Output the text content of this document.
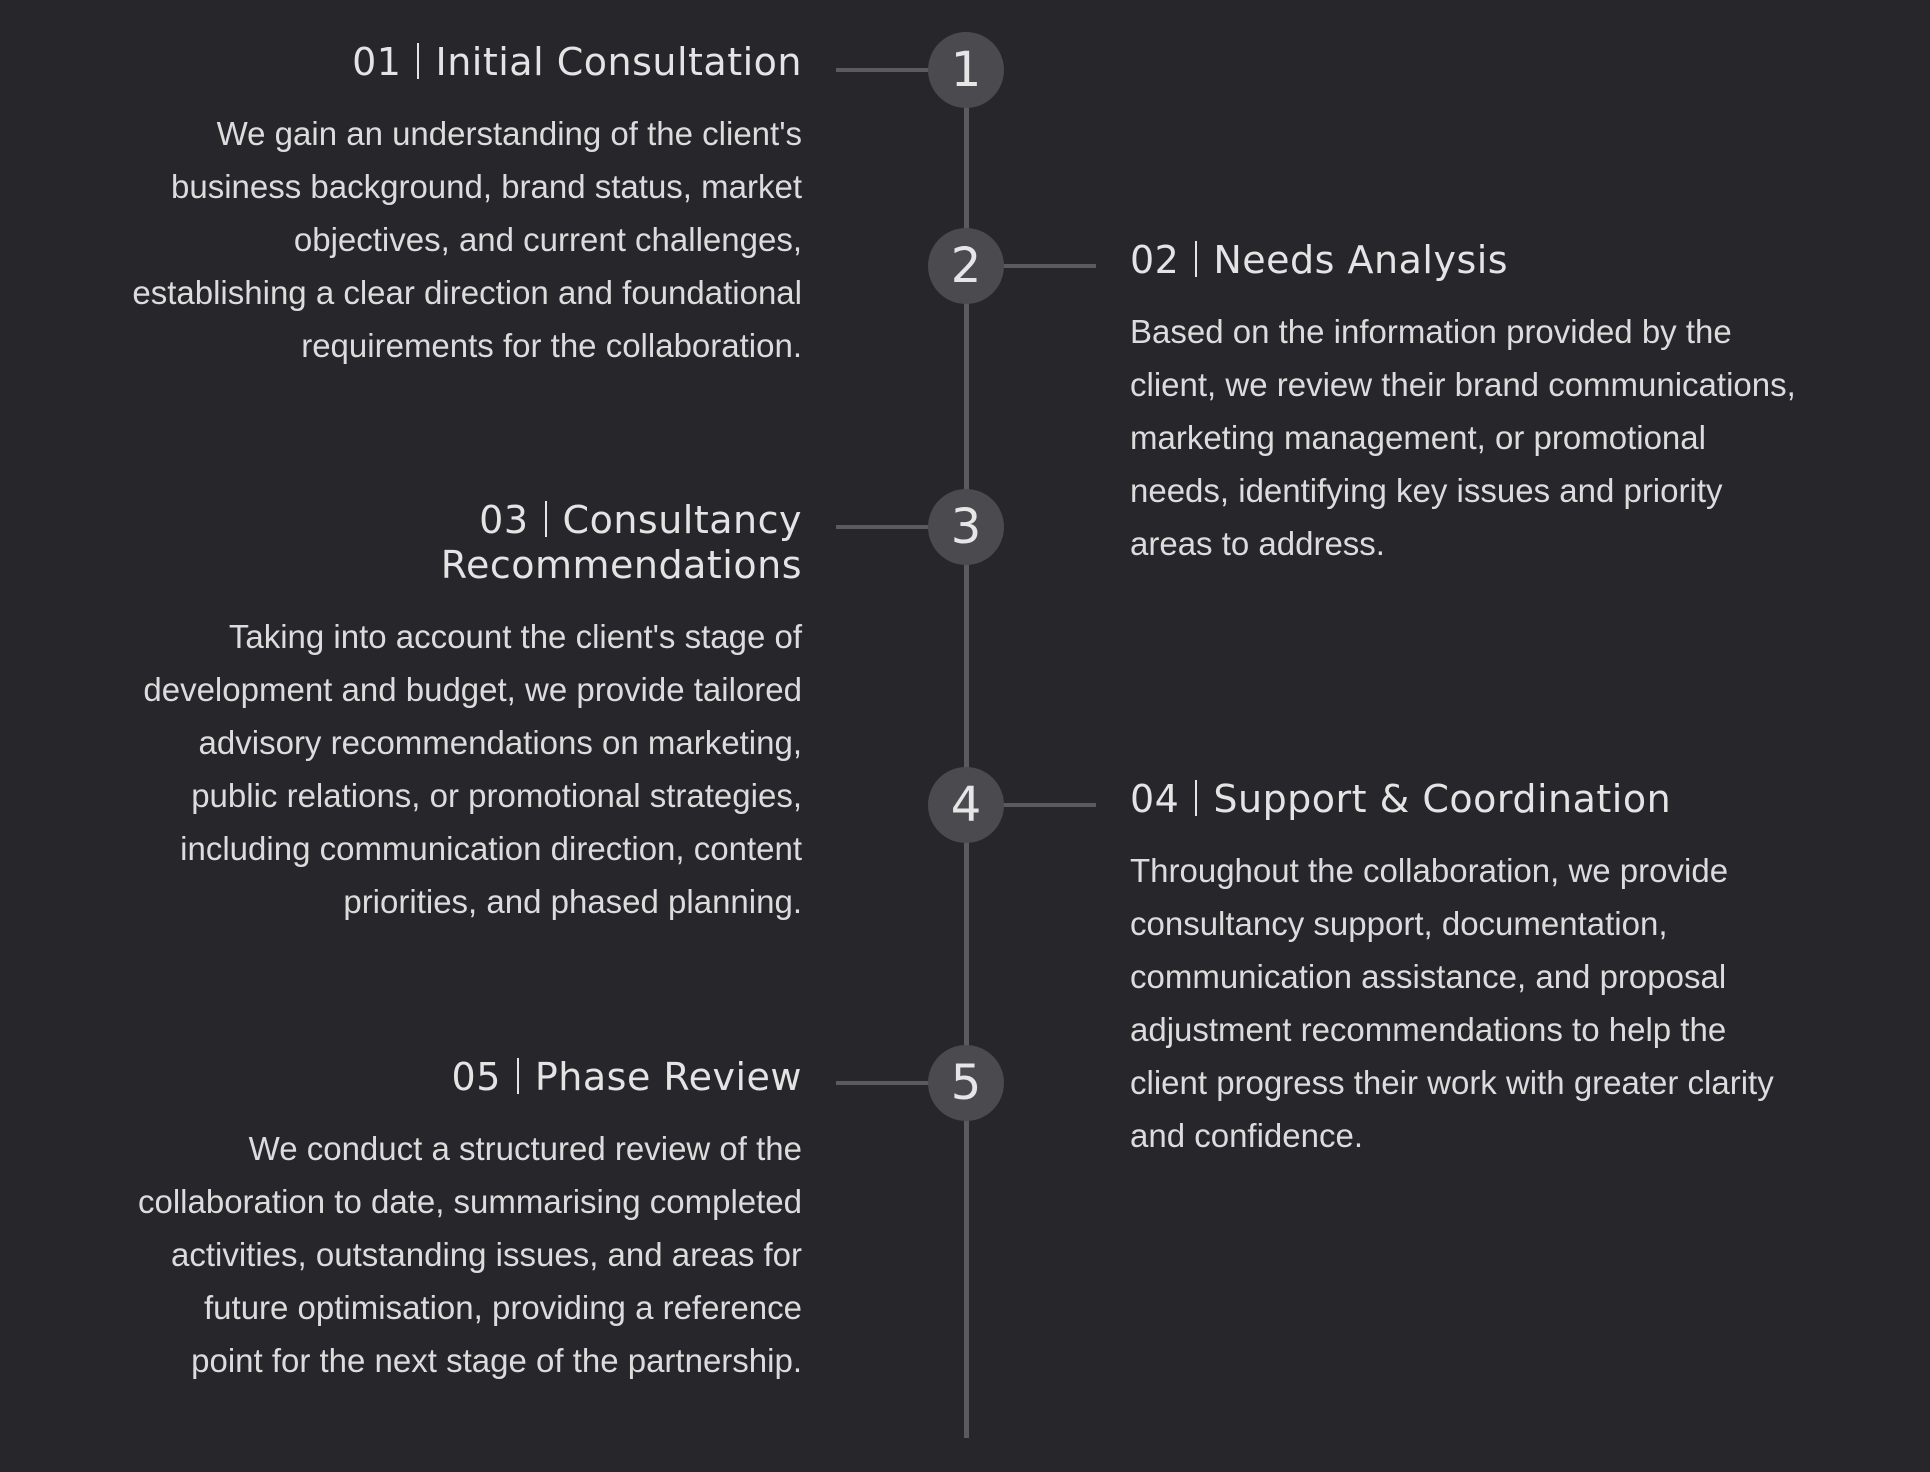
1
01 Initial Consultation

We gain an understanding of the client's business background, brand status, market objectives, and current challenges, establishing a clear direction and foundational requirements for the collaboration.

2	02 Needs Analysis

Based on the information provided by the client, we review their brand communications, marketing management, or promotional needs, identifying key issues and priority areas to address.

3
03 Consultancy Recommendations

Taking into account the client's stage of development and budget, we provide tailored advisory recommendations on marketing, public relations, or promotional strategies, including communication direction, content priorities, and phased planning.

4	04 Support & Coordination

Throughout the collaboration, we provide consultancy support, documentation, communication assistance, and proposal adjustment recommendations to help the client progress their work with greater clarity and confidence.

5
05 Phase Review

We conduct a structured review of the collaboration to date, summarising completed activities, outstanding issues, and areas for future optimisation, providing a reference point for the next stage of the partnership.
